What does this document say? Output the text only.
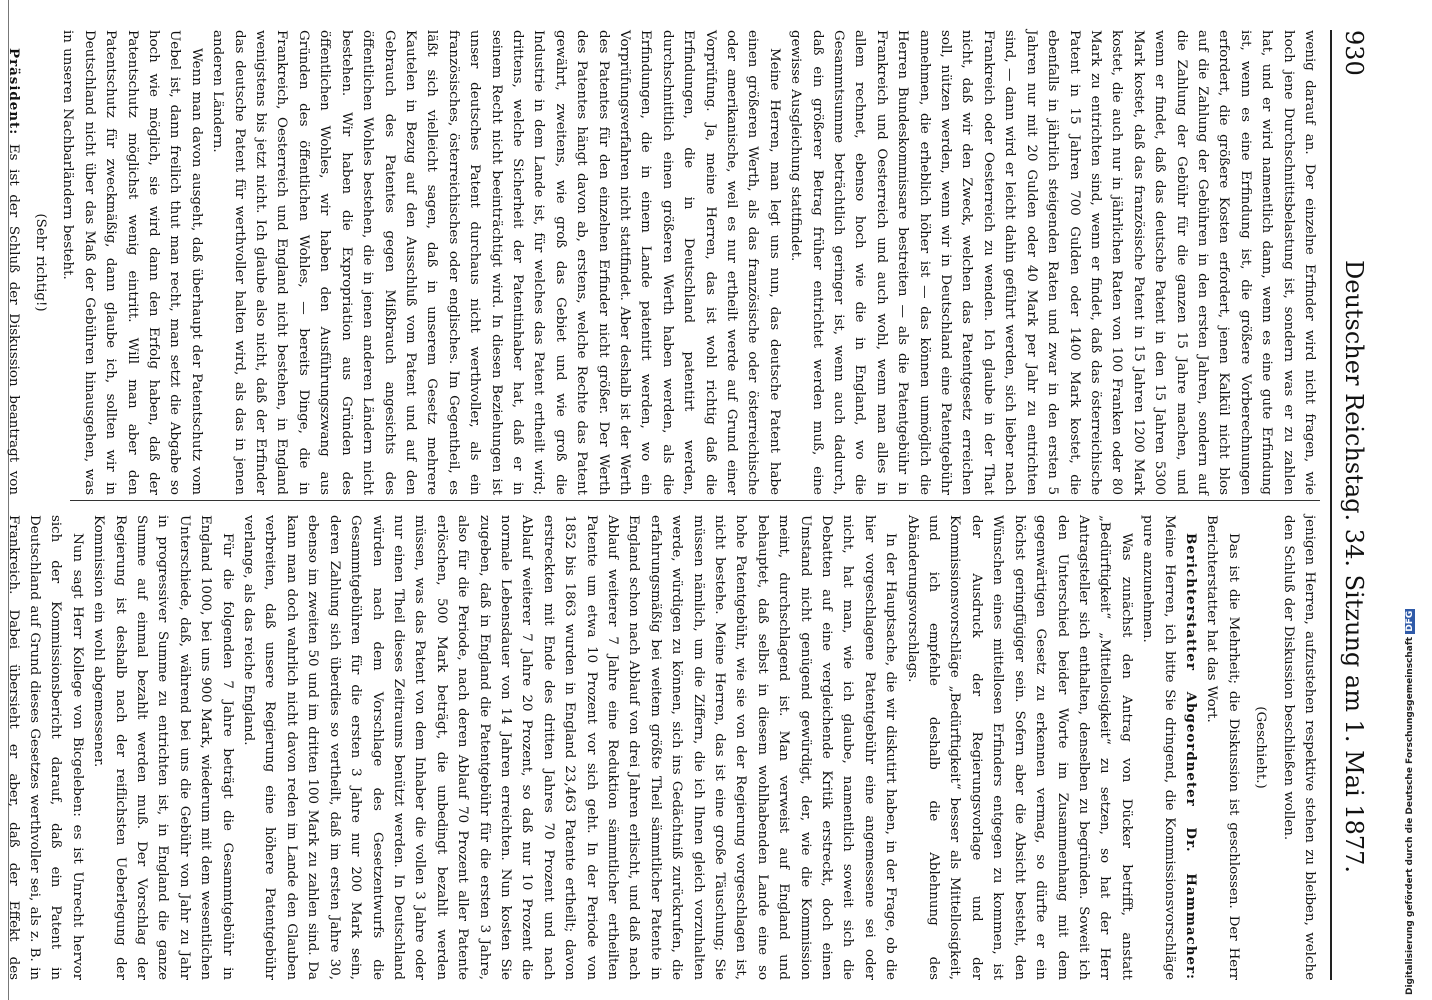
930
Deutscher Reichstag. 34. Sitzung am 1. Mai 1877.

wenig darauf an. Der einzelne Erfinder wird nicht fragen, wie hoch jene Durchschnittsbelastung ist, sondern was er zu zahlen hat, und er wird namentlich dann, wenn es eine gute Erfindung ist, wenn es eine Erfindung ist, die größere Vorberechnungen erfordert, die größere Kosten erfordert, jenen Kalkül nicht blos auf die Zahlung der Gebühren in den ersten Jahren, sondern auf die Zahlung der Gebühr für die ganzen 15 Jahre machen, und wenn er findet, daß das deutsche Patent in den 15 Jahren 5300 Mark kostet, daß das französische Patent in 15 Jahren 1200 Mark kostet, die auch nur in jährlichen Raten von 100 Franken oder 80 Mark zu entrichten sind, wenn er findet, daß das österreichische Patent in 15 Jahren 700 Gulden oder 1400 Mark kostet, die ebenfalls in jährlich steigenden Raten und zwar in den ersten 5 Jahren nur mit 20 Gulden oder 40 Mark per Jahr zu entrichten sind, — dann wird er leicht dahin geführt werden, sich lieber nach Frankreich oder Oesterreich zu wenden. Ich glaube in der That nicht, daß wir den Zweck, welchen das Patentgesetz erreichen soll, nützen werden, wenn wir in Deutschland eine Patentgebühr annehmen, die erheblich höher ist — das können unmöglich die Herren Bundeskommissare bestreiten — als die Patentgebühr in Frankreich und Oesterreich und auch wohl, wenn man alles in allem rechnet, ebenso hoch wie die in England, wo die Gesammtsumme beträchtlich geringer ist, wenn auch dadurch, daß ein größerer Betrag früher entrichtet werden muß, eine gewisse Ausgleichung stattfindet.

Meine Herren, man legt uns nun, das deutsche Patent habe einen größeren Werth, als das französische oder österreichische oder amerikanische, weil es nur ertheilt werde auf Grund einer Vorprüfung. Ja, meine Herren, das ist wohl richtig daß die Erfindungen, die in Deutschland patentirt werden, durchschnittlich einen größeren Werth haben werden, als die Erfindungen, die in einem Lande patentirt werden, wo ein Vorprüfungsverfahren nicht stattfindet. Aber deshalb ist der Werth des Patentes für den einzelnen Erfinder nicht größer. Der Werth des Patentes hängt davon ab, erstens, welche Rechte das Patent gewährt, zweitens, wie groß das Gebiet und wie groß die Industrie in dem Lande ist, für welches das Patent ertheilt wird; drittens, welche Sicherheit der Patentinhaber hat, daß er in seinem Recht nicht beeinträchtigt wird. In diesen Beziehungen ist unser deutsches Patent durchaus nicht werthvoller, als ein französisches, österreichisches oder englisches. Im Gegentheil, es läßt sich vielleicht sagen, daß in unserem Gesetz mehrere Kautelen in Bezug auf den Ausschluß vom Patent und auf den Gebrauch des Patentes gegen Mißbrauch angesichts des öffentlichen Wohles bestehen, die in jenen anderen Ländern nicht bestehen. Wir haben die Expropriation aus Gründen des öffentlichen Wohles, wir haben den Ausführungszwang aus Gründen des öffentlichen Wohles, — bereits Dinge, die in Frankreich, Oesterreich und England nicht bestehen, in England wenigstens bis jetzt nicht. Ich glaube also nicht, daß der Erfinder das deutsche Patent für werthvoller halten wird, als das in jenen anderen Ländern.

Wenn man davon ausgeht, daß überhaupt der Patentschutz vom Uebel ist, dann freilich thut man recht, man setzt die Abgabe so hoch wie möglich, sie wird dann den Erfolg haben, daß der Patentschutz möglichst wenig eintritt. Will man aber den Patentschutz für zweckmäßig, dann glaube ich, sollten wir in Deutschland nicht über das Maß der Gebühren hinausgehen, was in unseren Nachbarländern besteht.

(Sehr richtig!)

Präsident: Es ist der Schluß der Diskussion beantragt von

jenigen Herren, aufzustehen respektive stehen zu bleiben, welche den Schluß der Diskussion beschließen wollen.

(Geschieht.)

Das ist die Mehrheit; die Diskussion ist geschlossen. Der Herr Berichterstatter hat das Wort.

Berichterstatter Abgeordneter Dr. Hammacher: Meine Herren, ich bitte Sie dringend, die Kommissionsvorschläge pure anzunehmen.

Was zunächst den Antrag von Dücker betrifft, anstatt „Bedürftigkeit“ „Mittellosigkeit“ zu setzen, so hat der Herr Antragsteller sich enthalten, denselben zu begründen. Soweit ich den Unterschied beider Worte im Zusammenhang mit dem gegenwärtigen Gesetz zu erkennen vermag, so dürfte er ein höchst geringfügiger sein. Sofern aber die Absicht besteht, den Wünschen eines mittellosen Erfinders entgegen zu kommen, ist der Ausdruck der Regierungsvorlage und der Kommissionsvorschläge „Bedürftigkeit“ besser als Mittellosigkeit, und ich empfehle deshalb die Ablehnung des Abänderungsvorschlags.

In der Hauptsache, die wir diskutirt haben, in der Frage, ob die hier vorgeschlagene Patentgebühr eine angemessene sei oder nicht, hat man, wie ich glaube, namentlich soweit sich die Debatten auf eine vergleichende Kritik erstreckt, doch einen Umstand nicht genügend gewürdigt, der, wie die Kommission meint, durchschlagend ist. Man verweist auf England und behauptet, daß selbst in diesem wohlhabenden Lande eine so hohe Patentgebühr, wie sie von der Regierung vorgeschlagen ist, nicht bestehe. Meine Herren, das ist eine große Täuschung; Sie müssen nämlich, um die Ziffern, die ich Ihnen gleich vorzuhalten werde, würdigen zu können, sich ins Gedächtniß zurückrufen, die erfahrungsmäßig bei weitem größte Theil sämmtlicher Patente in England schon nach Ablauf von drei Jahren erlischt, und daß nach Ablauf weiterer 7 Jahre eine Reduktion sämmtlicher ertheilten Patente um etwa 10 Prozent vor sich geht. In der Periode von 1852 bis 1863 wurden in England 23,463 Patente ertheilt; davon erstreckten mit Ende des dritten Jahres 70 Prozent und nach Ablauf weiterer 7 Jahre 20 Prozent, so daß nur 10 Prozent die normale Lebensdauer von 14 Jahren erreichten. Nun kosten Sie zugeben, daß in England die Patentgebühr für die ersten 3 Jahre, also für die Periode, nach deren Ablauf 70 Prozent aller Patente erlöschen, 500 Mark beträgt, die unbedingt bezahlt werden müssen, was das Patent von dem Inhaber die vollen 3 Jahre oder nur einen Theil dieses Zeitraums benützt werden. In Deutschland würden nach dem Vorschlage des Gesetzentwurfs die Gesammtgebühren für die ersten 3 Jahre nur 200 Mark sein, deren Zahlung sich überdies so vertheilt, daß im ersten Jahre 30, ebenso im zweiten 50 und im dritten 100 Mark zu zahlen sind. Da kann man doch wahrlich nicht davon reden im Lande den Glauben verbreiten, daß unsere Regierung eine höhere Patentgebühr verlange, als das reiche England.

Für die folgenden 7 Jahre beträgt die Gesammtgebühr in England 1000, bei uns 900 Mark, wiederum mit dem wesentlichen Unterschiede, daß, während bei uns die Gebühr von Jahr zu Jahr in progressiver Summe zu entrichten ist, in England die ganze Summe auf einmal bezahlt werden muß. Der Vorschlag der Regierung ist deshalb nach der reiflichsten Ueberlegung der Kommission ein wohl abgemessener.

Nun sagt Herr Kollege von Bicgeleben: es ist Unrecht hervor sich der Kommissionsbericht darauf, daß ein Patent in Deutschland auf Grund dieses Gesetzes werthvoller sei, als z. B. in Frankreich. Dabei übersieht er aber, daß der Effekt des	Digitalisierung gefördert durch die Deutsche Forschungsgemeinschaft DFG
